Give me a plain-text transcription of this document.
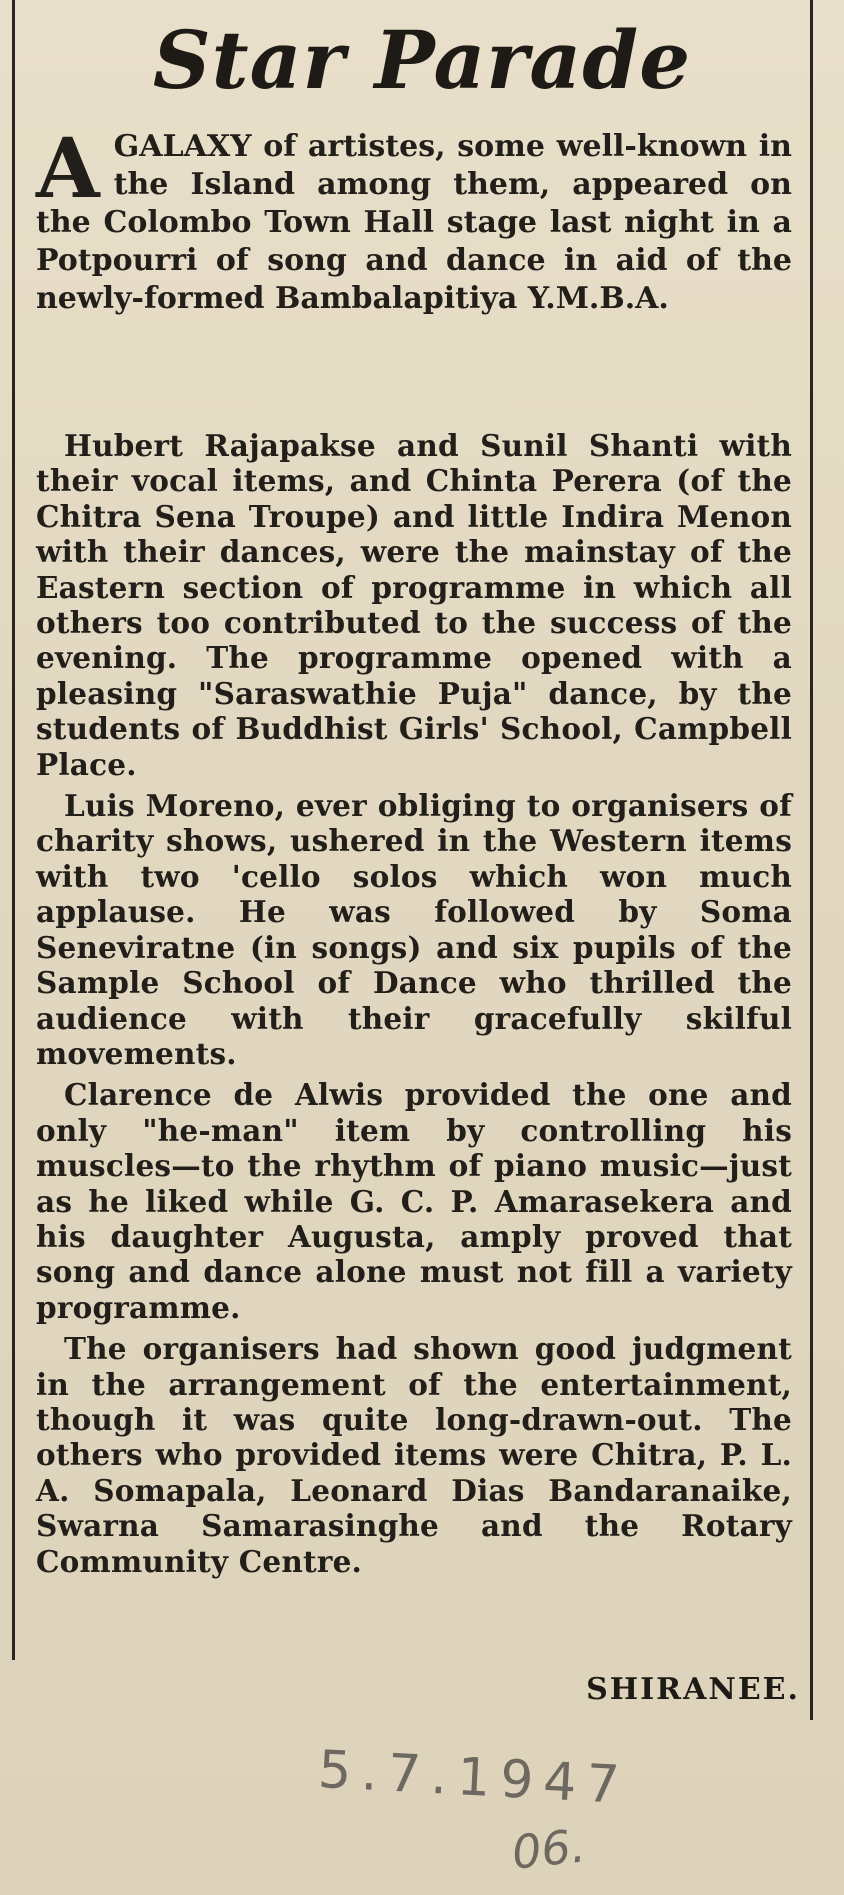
Star Parade
A GALAXY of artistes, some well-known in the Island among them, appeared on the Colombo Town Hall stage last night in a Potpourri of song and dance in aid of the newly-formed Bambalapitiya Y.M.B.A.

Hubert Rajapakse and Sunil Shanti with their vocal items, and Chinta Perera (of the Chitra Sena Troupe) and little Indira Menon with their dances, were the mainstay of the Eastern section of programme in which all others too contributed to the success of the evening. The programme opened with a pleasing "Saraswathie Puja" dance, by the students of Buddhist Girls' School, Campbell Place.

Luis Moreno, ever obliging to organisers of charity shows, ushered in the Western items with two 'cello solos which won much applause. He was followed by Soma Seneviratne (in songs) and six pupils of the Sample School of Dance who thrilled the audience with their gracefully skilful movements.

Clarence de Alwis provided the one and only "he-man" item by controlling his muscles—to the rhythm of piano music—just as he liked while G. C. P. Amarasekera and his daughter Augusta, amply proved that song and dance alone must not fill a variety programme.

The organisers had shown good judgment in the arrangement of the entertainment, though it was quite long-drawn-out. The others who provided items were Chitra, P. L. A. Somapala, Leonard Dias Bandaranaike, Swarna Samarasinghe and the Rotary Community Centre.

SHIRANEE.
5.7.1947
06.
